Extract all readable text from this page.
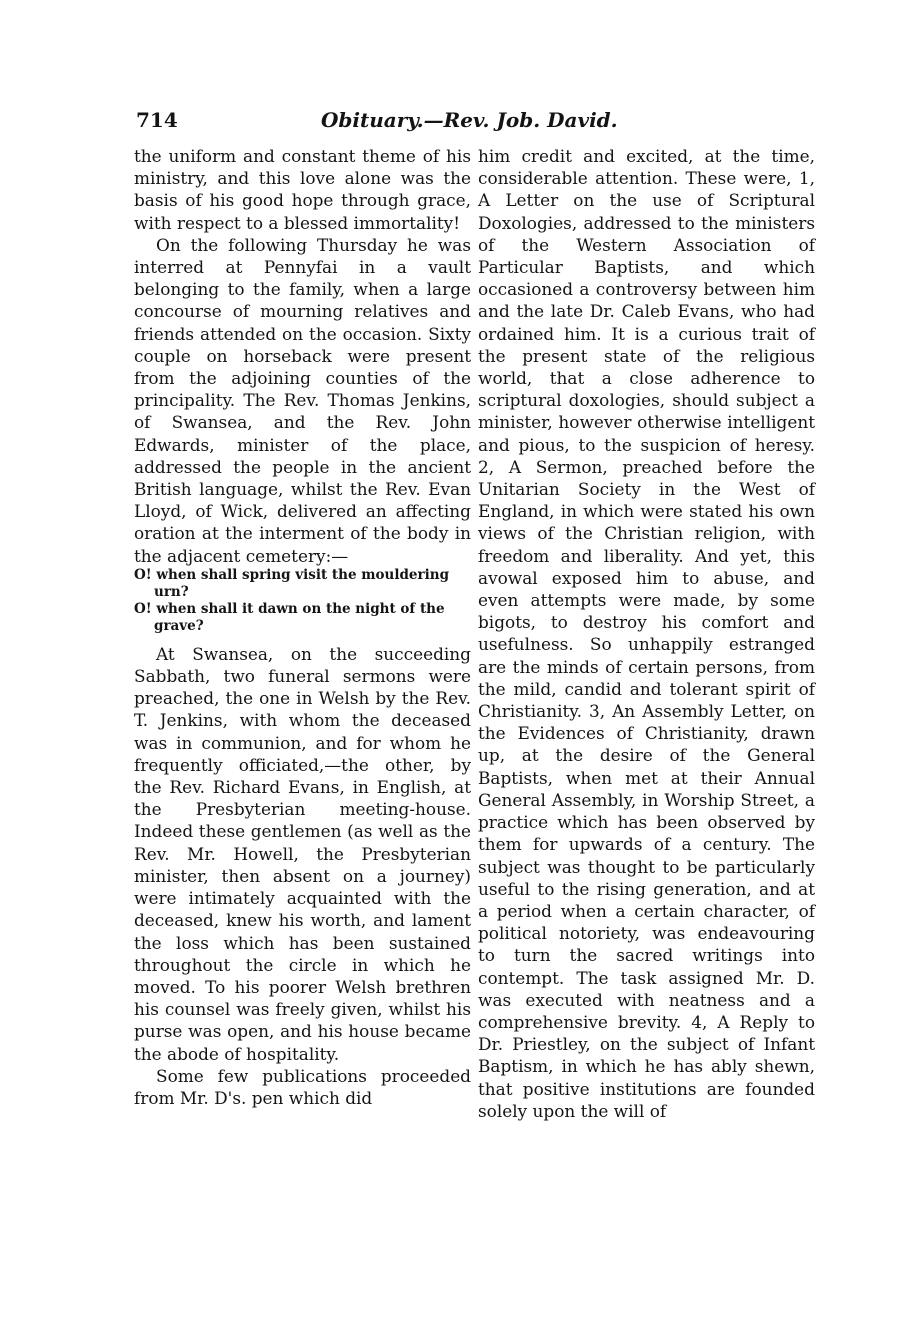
714	Obituary.—Rev. Job. David.

the uniform and constant theme of his ministry, and this love alone was the basis of his good hope through grace, with respect to a blessed immortality!

On the following Thursday he was interred at Pennyfai in a vault belonging to the family, when a large concourse of mourning relatives and friends attended on the occasion. Sixty couple on horseback were present from the adjoining counties of the principality. The Rev. Thomas Jenkins, of Swansea, and the Rev. John Edwards, minister of the place, addressed the people in the ancient British language, whilst the Rev. Evan Lloyd, of Wick, delivered an affecting oration at the interment of the body in the adjacent cemetery:—

O! when shall spring visit the mouldering urn?

O! when shall it dawn on the night of the grave?

At Swansea, on the succeeding Sabbath, two funeral sermons were preached, the one in Welsh by the Rev. T. Jenkins, with whom the deceased was in communion, and for whom he frequently officiated,—the other, by the Rev. Richard Evans, in English, at the Presbyterian meeting-house. Indeed these gentlemen (as well as the Rev. Mr. Howell, the Presbyterian minister, then absent on a journey) were intimately acquainted with the deceased, knew his worth, and lament the loss which has been sustained throughout the circle in which he moved. To his poorer Welsh brethren his counsel was freely given, whilst his purse was open, and his house became the abode of hospitality.

Some few publications proceeded from Mr. D's. pen which did

him credit and excited, at the time, considerable attention. These were, 1, A Letter on the use of Scriptural Doxologies, addressed to the ministers of the Western Association of Particular Baptists, and which occasioned a controversy between him and the late Dr. Caleb Evans, who had ordained him. It is a curious trait of the present state of the religious world, that a close adherence to scriptural doxologies, should subject a minister, however otherwise intelligent and pious, to the suspicion of heresy. 2, A Sermon, preached before the Unitarian Society in the West of England, in which were stated his own views of the Christian religion, with freedom and liberality. And yet, this avowal exposed him to abuse, and even attempts were made, by some bigots, to destroy his comfort and usefulness. So unhappily estranged are the minds of certain persons, from the mild, candid and tolerant spirit of Christianity. 3, An Assembly Letter, on the Evidences of Christianity, drawn up, at the desire of the General Baptists, when met at their Annual General Assembly, in Worship Street, a practice which has been observed by them for upwards of a century. The subject was thought to be particularly useful to the rising generation, and at a period when a certain character, of political notoriety, was endeavouring to turn the sacred writings into contempt. The task assigned Mr. D. was executed with neatness and a comprehensive brevity. 4, A Reply to Dr. Priestley, on the subject of Infant Baptism, in which he has ably shewn, that positive institutions are founded solely upon the will of
